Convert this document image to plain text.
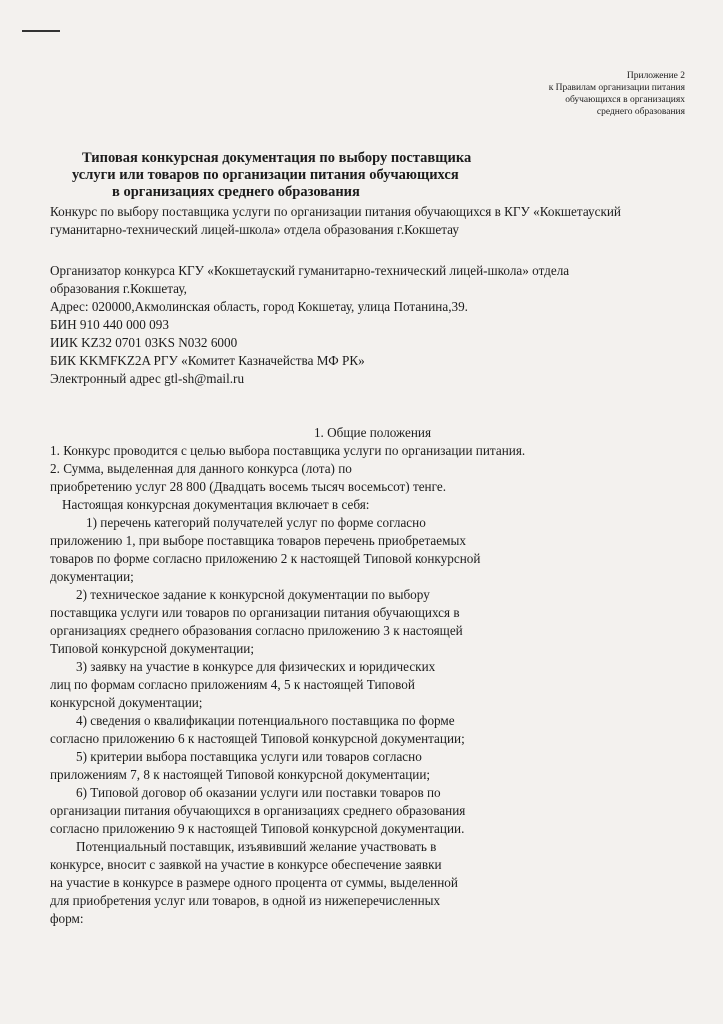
Приложение 2
к Правилам организации питания
обучающихся в организациях
среднего образования
Типовая конкурсная документация по выбору поставщика
услуги или товаров по организации питания обучающихся
в организациях среднего образования
Конкурс по выбору поставщика услуги по организации питания обучающихся в КГУ «Кокшетауский
гуманитарно-технический лицей-школа» отдела образования г.Кокшетау
Организатор конкурса КГУ «Кокшетауский гуманитарно-технический лицей-школа» отдела
образования г.Кокшетау,
Адрес: 020000,Акмолинская область, город Кокшетау, улица Потанина,39.
БИН 910 440 000 093
ИИК KZ32 0701 03KS N032 6000
БИК KKMFKZ2A РГУ «Комитет Казначейства МФ РК»
Электронный адрес gtl-sh@mail.ru
1. Общие положения
1. Конкурс проводится с целью выбора поставщика услуги по организации питания.
2. Сумма, выделенная для данного конкурса (лота) по
приобретению услуг 28 800 (Двадцать восемь тысяч восемьсот) тенге.
Настоящая конкурсная документация включает в себя:
1) перечень категорий получателей услуг по форме согласно
приложению 1, при выборе поставщика товаров перечень приобретаемых
товаров по форме согласно приложению 2 к настоящей Типовой конкурсной
документации;
2) техническое задание к конкурсной документации по выбору
поставщика услуги или товаров по организации питания обучающихся в
организациях среднего образования согласно приложению 3 к настоящей
Типовой конкурсной документации;
3) заявку на участие в конкурсе для физических и юридических
лиц по формам согласно приложениям 4, 5 к настоящей Типовой
конкурсной документации;
4) сведения о квалификации потенциального поставщика по форме
согласно приложению 6 к настоящей Типовой конкурсной документации;
5) критерии выбора поставщика услуги или товаров согласно
приложениям 7, 8 к настоящей Типовой конкурсной документации;
6) Типовой договор об оказании услуги или поставки товаров по
организации питания обучающихся в организациях среднего образования
согласно приложению 9 к настоящей Типовой конкурсной документации.
Потенциальный поставщик, изъявивший желание участвовать в
конкурсе, вносит с заявкой на участие в конкурсе обеспечение заявки
на участие в конкурсе в размере одного процента от суммы, выделенной
для приобретения услуг или товаров, в одной из нижеперечисленных
форм:
